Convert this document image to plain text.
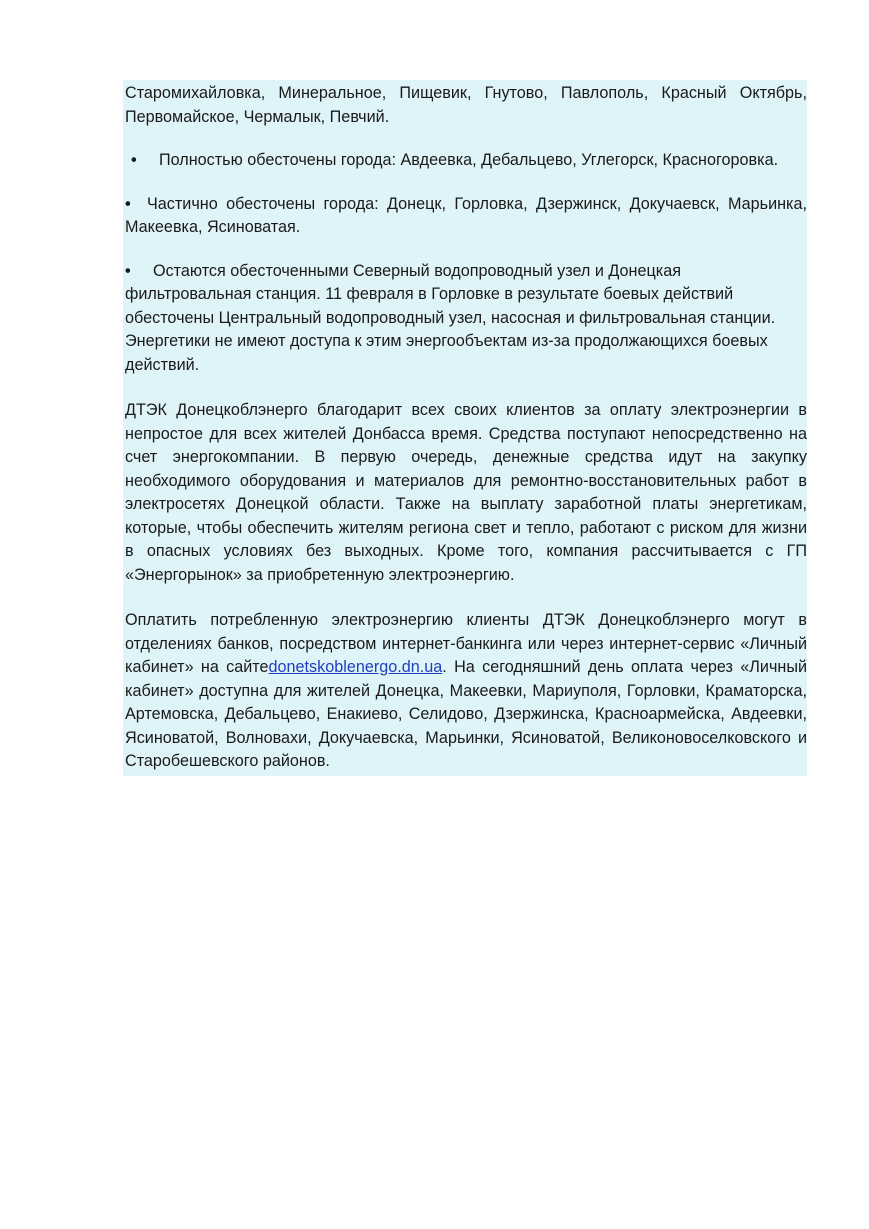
Старомихайловка, Минеральное, Пищевик, Гнутово, Павлополь, Красный Октябрь, Первомайское, Чермалык, Певчий.

• Полностью обесточены города: Авдеевка, Дебальцево, Углегорск, Красногоровка.

• Частично обесточены города: Донецк, Горловка, Дзержинск, Докучаевск, Марьинка, Макеевка, Ясиноватая.

• Остаются обесточенными Северный водопроводный узел и Донецкая фильтровальная станция. 11 февраля в Горловке в результате боевых действий обесточены Центральный водопроводный узел, насосная и фильтровальная станции. Энергетики не имеют доступа к этим энергообъектам из-за продолжающихся боевых действий.

ДТЭК Донецкоблэнерго благодарит всех своих клиентов за оплату электроэнергии в непростое для всех жителей Донбасса время. Средства поступают непосредственно на счет энергокомпании. В первую очередь, денежные средства идут на закупку необходимого оборудования и материалов для ремонтно-восстановительных работ в электросетях Донецкой области. Также на выплату заработной платы энергетикам, которые, чтобы обеспечить жителям региона свет и тепло, работают с риском для жизни в опасных условиях без выходных. Кроме того, компания рассчитывается с ГП «Энергорынок» за приобретенную электроэнергию.

Оплатить потребленную электроэнергию клиенты ДТЭК Донецкоблэнерго могут в отделениях банков, посредством интернет-банкинга или через интернет-сервис «Личный кабинет» на сайтеdonetskoblenergo.dn.ua. На сегодняшний день оплата через «Личный кабинет» доступна для жителей Донецка, Макеевки, Мариуполя, Горловки, Краматорска, Артемовска, Дебальцево, Енакиево, Селидово, Дзержинска, Красноармейска, Авдеевки, Ясиноватой, Волновахи, Докучаевска, Марьинки, Ясиноватой, Великоновоселковского и Старобешевского районов.
